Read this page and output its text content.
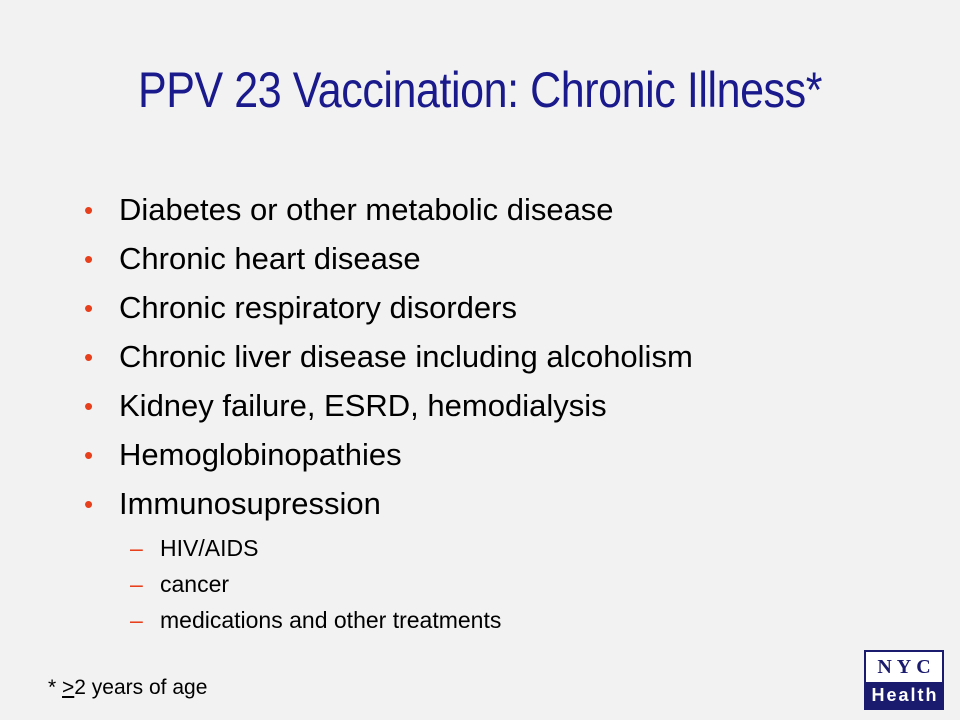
PPV 23 Vaccination: Chronic Illness*
• Diabetes or other metabolic disease
• Chronic heart disease
• Chronic respiratory disorders
• Chronic liver disease including alcoholism
• Kidney failure, ESRD, hemodialysis
• Hemoglobinopathies
• Immunosupression
– HIV/AIDS
– cancer
– medications and other treatments
* >2 years of age
NYC
Health
